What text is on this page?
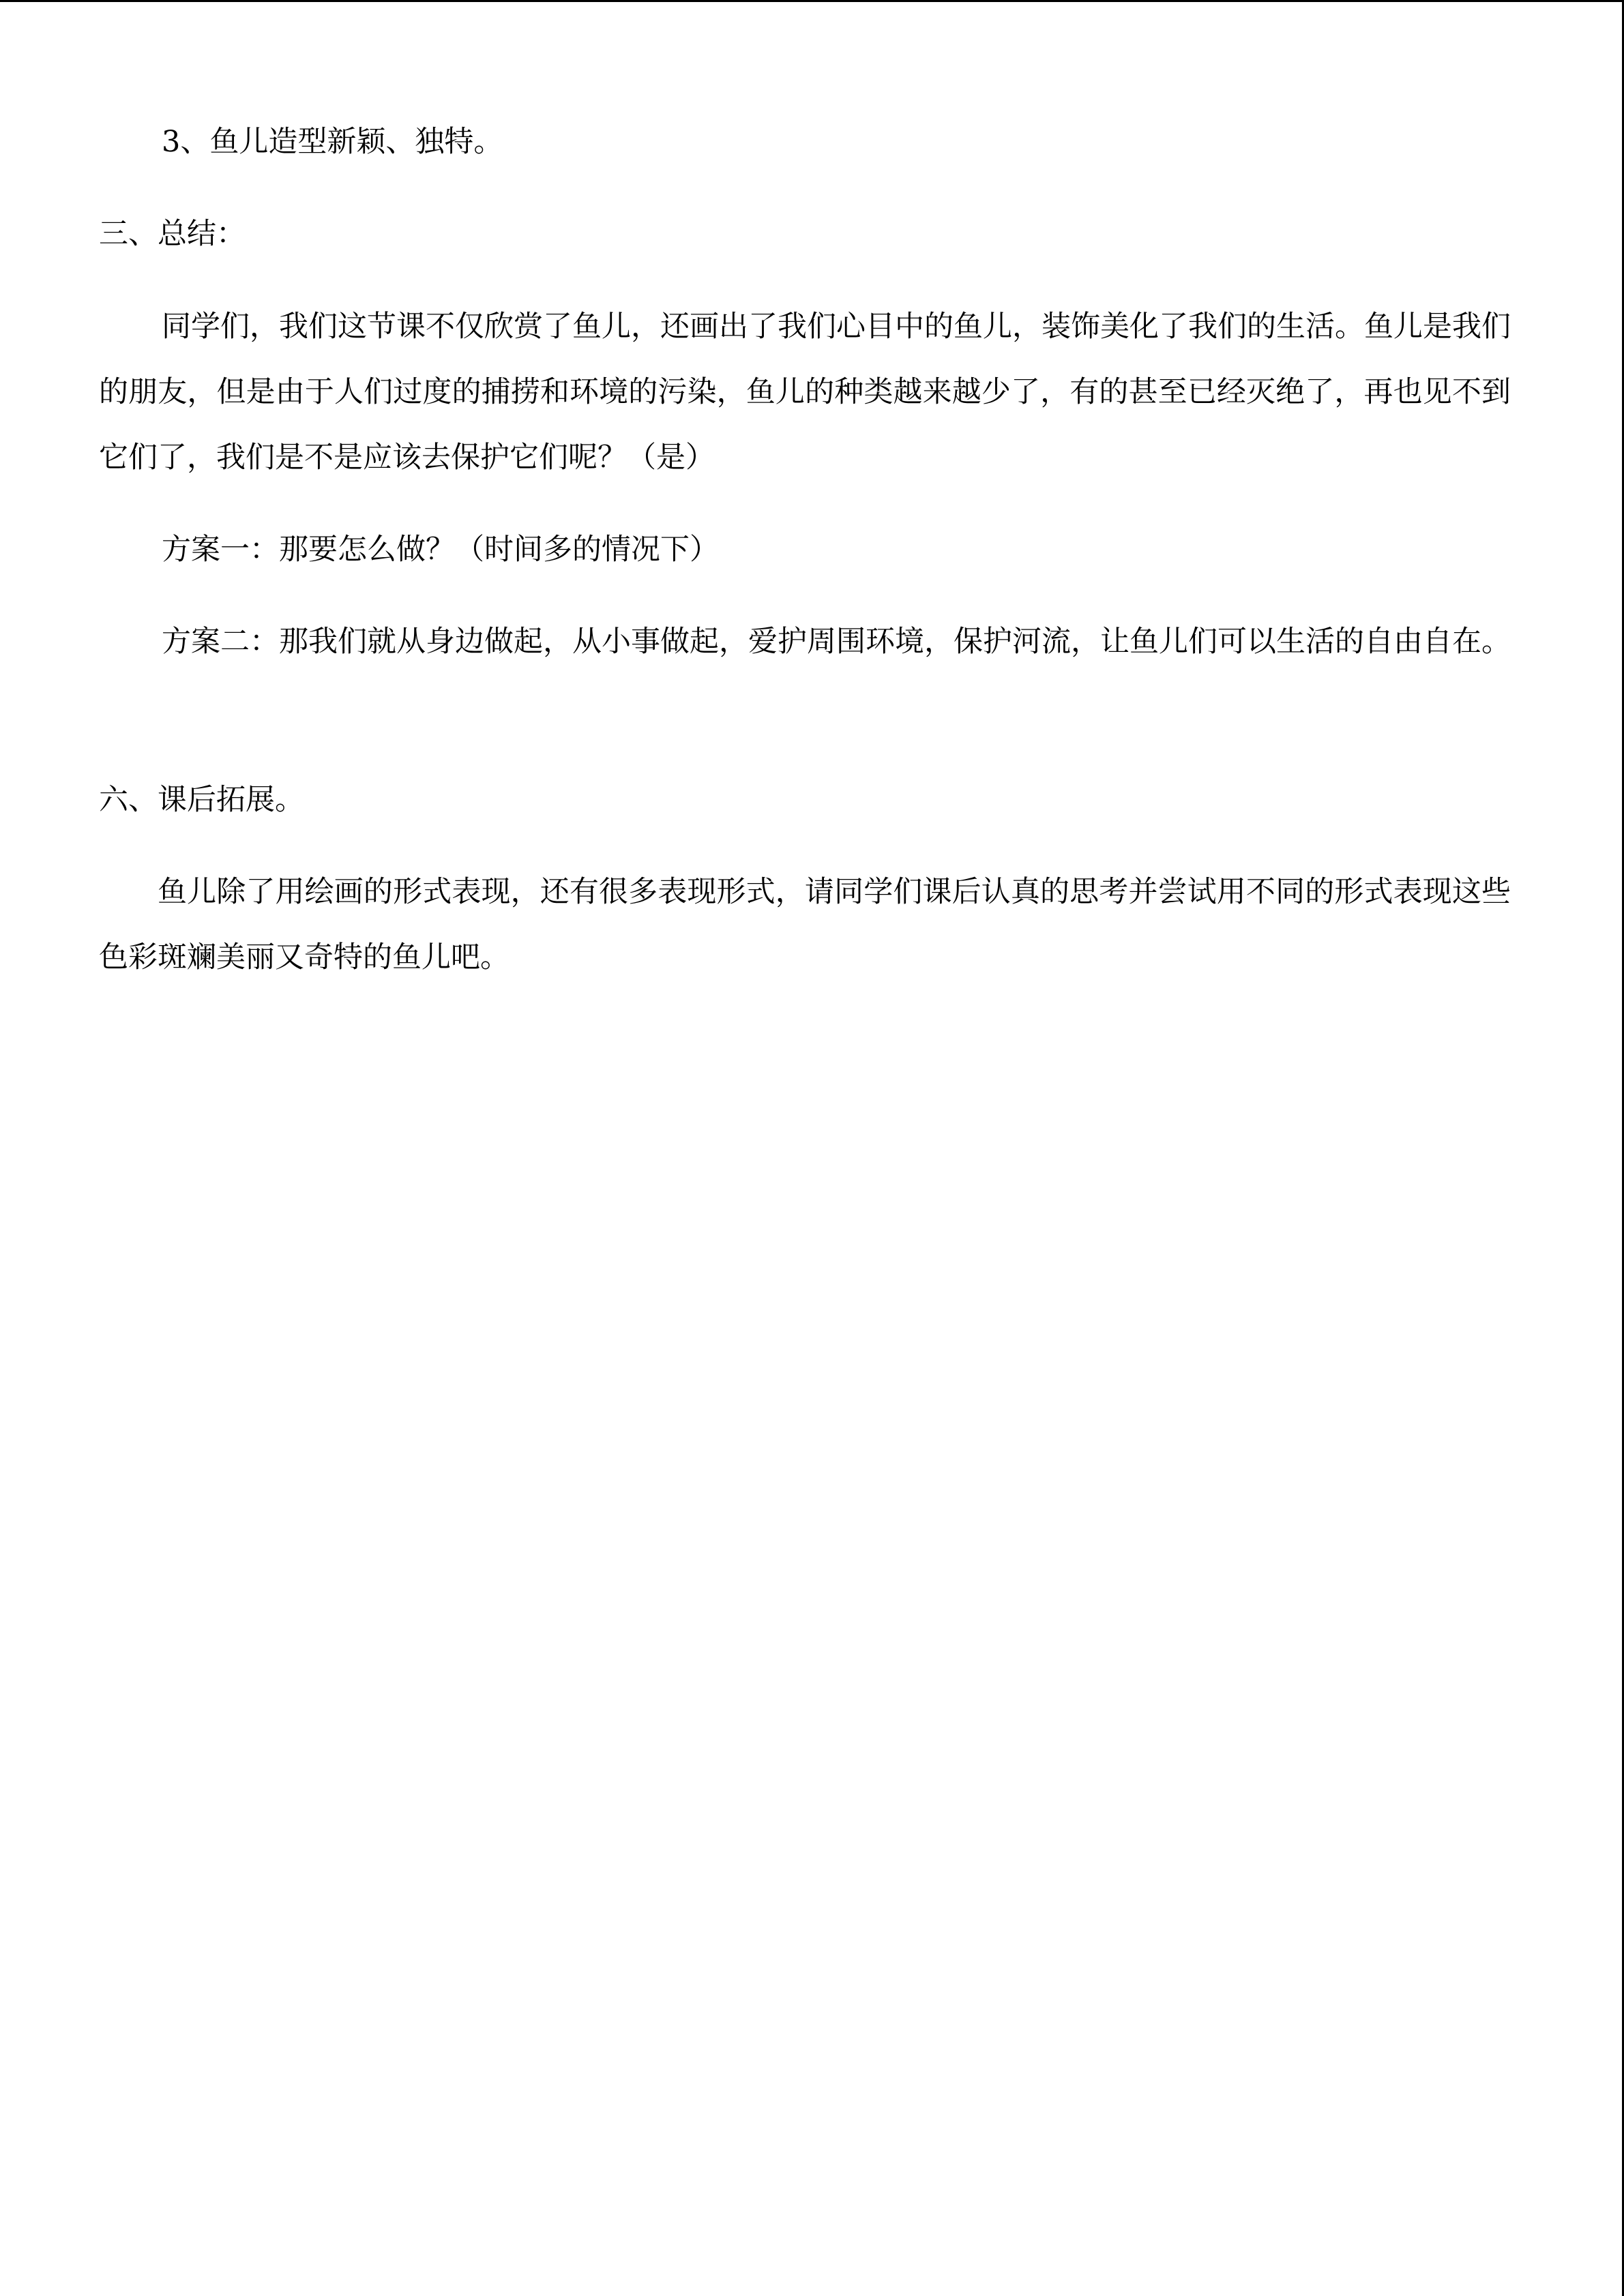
3、鱼儿造型新颖、独特。

三、总结：

同学们，我们这节课不仅欣赏了鱼儿，还画出了我们心目中的鱼儿，装饰美化了我们的生活。鱼儿是我们的朋友，但是由于人们过度的捕捞和环境的污染，鱼儿的种类越来越少了，有的甚至已经灭绝了，再也见不到它们了，我们是不是应该去保护它们呢？（是）

方案一：那要怎么做？（时间多的情况下）

方案二：那我们就从身边做起，从小事做起，爱护周围环境，保护河流，让鱼儿们可以生活的自由自在。

六、课后拓展。

鱼儿除了用绘画的形式表现，还有很多表现形式，请同学们课后认真的思考并尝试用不同的形式表现这些色彩斑斓美丽又奇特的鱼儿吧。
